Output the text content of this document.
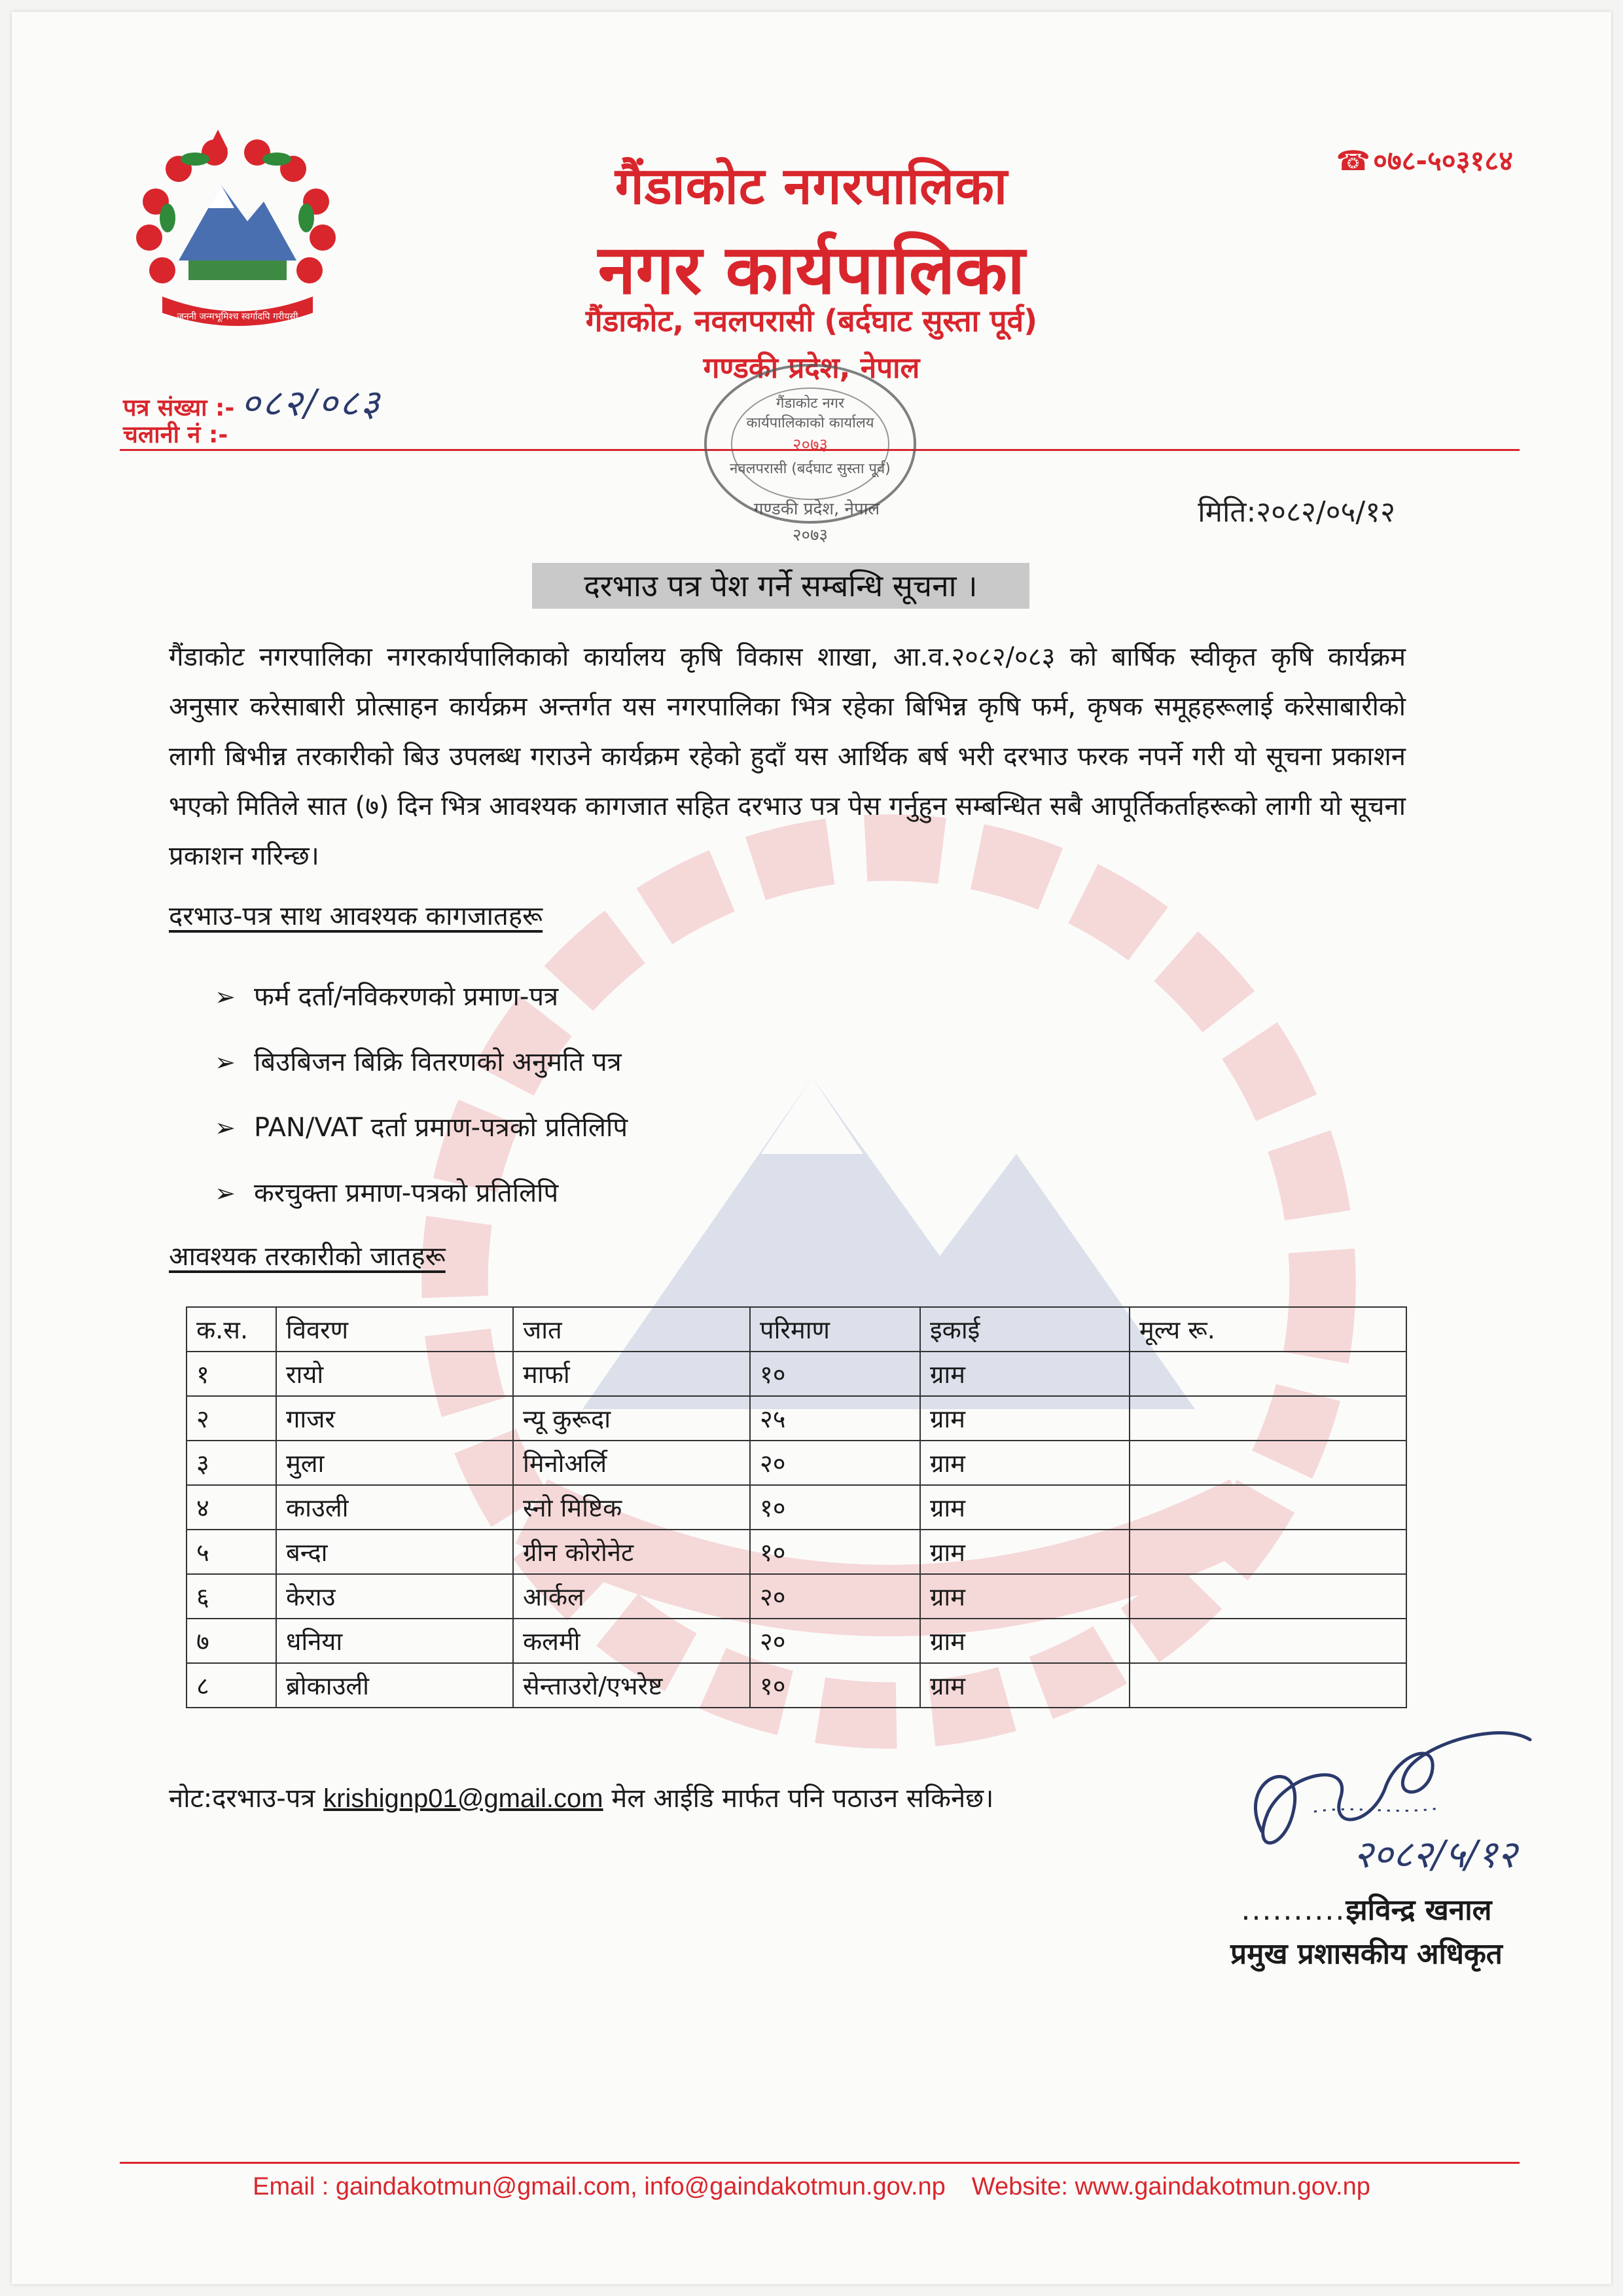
जननी जन्मभूमिश्च स्वर्गादपि गरीयसी
☎०७८-५०३१८४
गैंडाकोट नगरपालिका
नगर कार्यपालिका
गैंडाकोट, नवलपरासी (बर्दघाट सुस्ता पूर्व)
गण्डकी प्रदेश, नेपाल
पत्र संख्या :- ०८२/०८३
चलानी नं :-
गैंडाकोट नगर
कार्यपालिकाको कार्यालय
२०७३
नवलपरासी (बर्दघाट सुस्ता पूर्व)
गण्डकी प्रदेश, नेपाल
२०७३
मिति:२०८२/०५/१२
दरभाउ पत्र पेश गर्ने सम्बन्धि सूचना ।
गैंडाकोट नगरपालिका नगरकार्यपालिकाको कार्यालय कृषि विकास शाखा, आ.व.२०८२/०८३ को बार्षिक स्वीकृत कृषि कार्यक्रम अनुसार करेसाबारी प्रोत्साहन कार्यक्रम अन्तर्गत यस नगरपालिका भित्र रहेका बिभिन्न कृषि फर्म, कृषक समूहहरूलाई करेसाबारीको लागी बिभीन्न तरकारीको बिउ उपलब्ध गराउने कार्यक्रम रहेको हुदाँ यस आर्थिक बर्ष भरी दरभाउ फरक नपर्ने गरी यो सूचना प्रकाशन भएको मितिले सात (७) दिन भित्र आवश्यक कागजात सहित दरभाउ पत्र पेस गर्नुहुन सम्बन्धित सबै आपूर्तिकर्ताहरूको लागी यो सूचना प्रकाशन गरिन्छ।
दरभाउ-पत्र साथ आवश्यक कागजातहरू
➢ फर्म दर्ता/नविकरणको प्रमाण-पत्र
➢ बिउबिजन बिक्रि वितरणको अनुमति पत्र
➢ PAN/VAT दर्ता प्रमाण-पत्रको प्रतिलिपि
➢ करचुक्ता प्रमाण-पत्रको प्रतिलिपि
आवश्यक तरकारीको जातहरू
क.स.	विवरण	जात	परिमाण	इकाई	मूल्य रू.
१	रायो	मार्फा	१०	ग्राम	
२	गाजर	न्यू कुरूदा	२५	ग्राम	
३	मुला	मिनोअर्लि	२०	ग्राम	
४	काउली	स्नो मिष्टिक	१०	ग्राम	
५	बन्दा	ग्रीन कोरोनेट	१०	ग्राम	
६	केराउ	आर्कल	२०	ग्राम	
७	धनिया	कलमी	२०	ग्राम	
८	ब्रोकाउली	सेन्ताउरो/एभरेष्ट	१०	ग्राम	
नोट:दरभाउ-पत्र krishignp01@gmail.com मेल आईडि मार्फत पनि पठाउन सकिनेछ।
२०८२/५/१२
..........झविन्द्र खनाल
प्रमुख प्रशासकीय अधिकृत
Email : gaindakotmun@gmail.com, info@gaindakotmun.gov.np Website: www.gaindakotmun.gov.np
